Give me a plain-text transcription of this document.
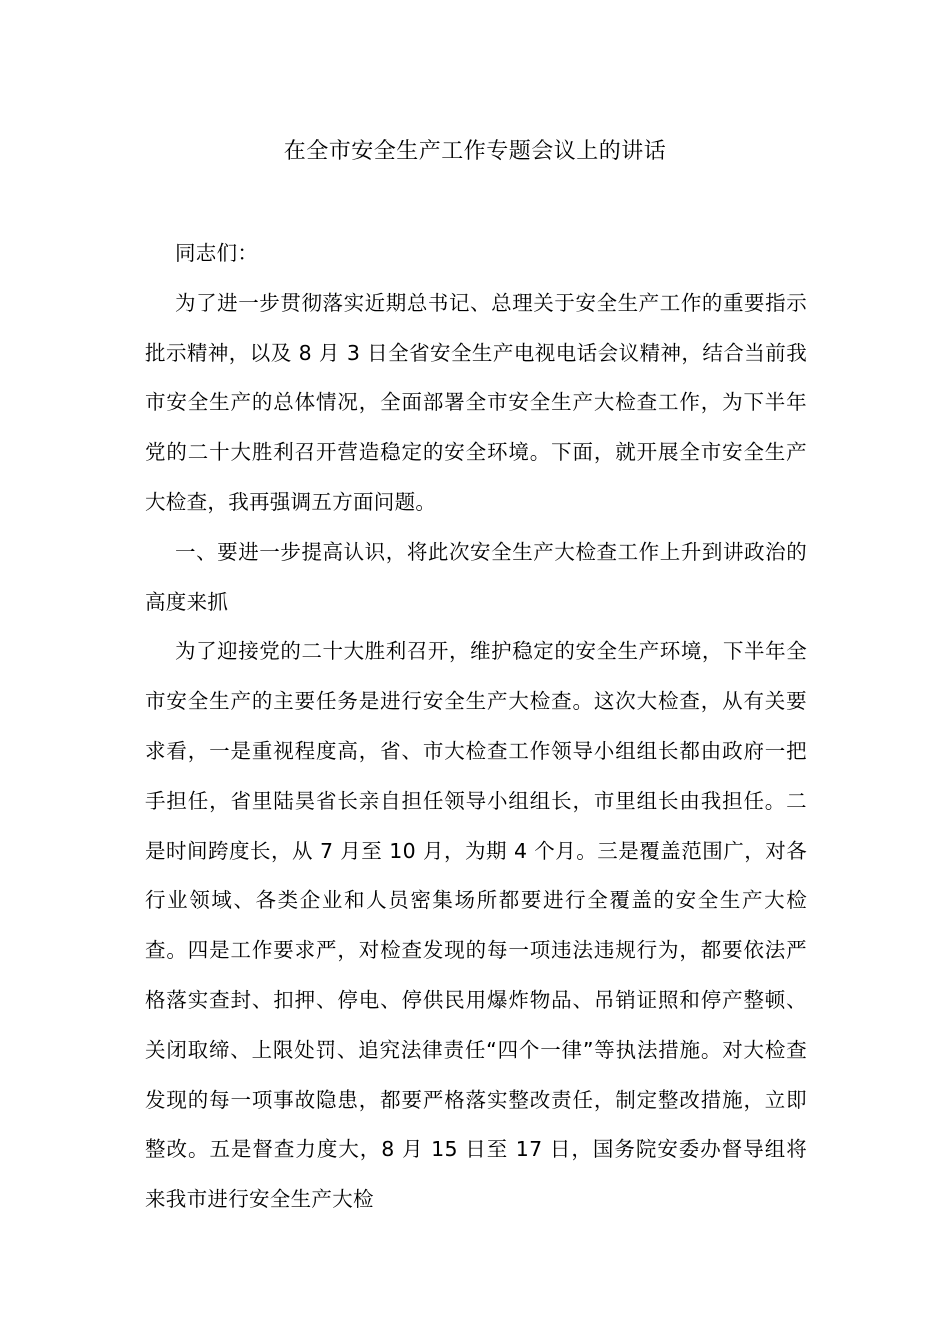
在全市安全生产工作专题会议上的讲话

同志们：

为了进一步贯彻落实近期总书记、总理关于安全生产工作的重要指示批示精神，以及 8 月 3 日全省安全生产电视电话会议精神，结合当前我市安全生产的总体情况，全面部署全市安全生产大检查工作，为下半年党的二十大胜利召开营造稳定的安全环境。下面，就开展全市安全生产大检查，我再强调五方面问题。

一、要进一步提高认识，将此次安全生产大检查工作上升到讲政治的高度来抓

为了迎接党的二十大胜利召开，维护稳定的安全生产环境，下半年全市安全生产的主要任务是进行安全生产大检查。这次大检查，从有关要求看，一是重视程度高，省、市大检查工作领导小组组长都由政府一把手担任，省里陆昊省长亲自担任领导小组组长，市里组长由我担任。二是时间跨度长，从 7 月至 10 月，为期 4 个月。三是覆盖范围广，对各行业领域、各类企业和人员密集场所都要进行全覆盖的安全生产大检查。四是工作要求严，对检查发现的每一项违法违规行为，都要依法严格落实查封、扣押、停电、停供民用爆炸物品、吊销证照和停产整顿、关闭取缔、上限处罚、追究法律责任“四个一律”等执法措施。对大检查发现的每一项事故隐患，都要严格落实整改责任，制定整改措施，立即整改。五是督查力度大，8 月 15 日至 17 日，国务院安委办督导组将来我市进行安全生产大检
